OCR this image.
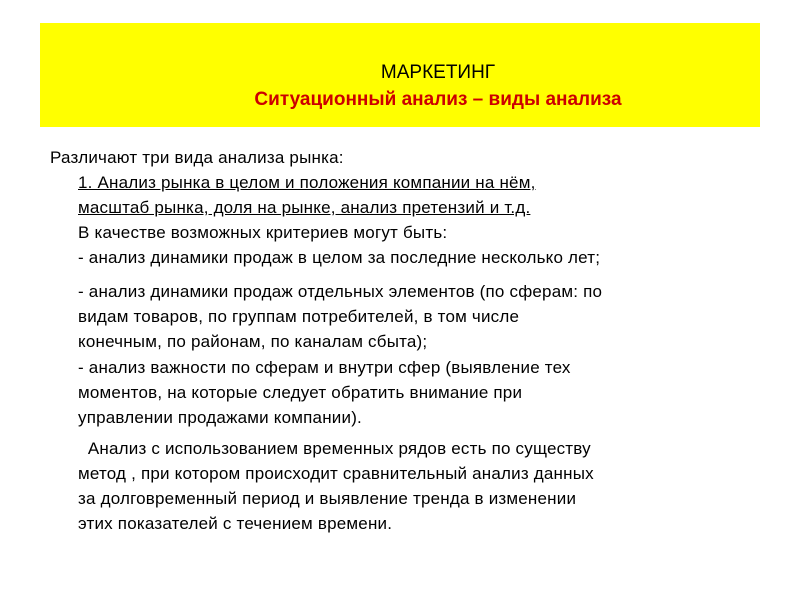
МАРКЕТИНГ
Ситуационный анализ – виды анализа
Различают три вида анализа рынка:
1. Анализ рынка в целом и положения компании на нём,
масштаб рынка, доля на рынке, анализ претензий и т.д.
В качестве возможных критериев могут быть:
- анализ динамики продаж в целом за последние несколько лет;
- анализ динамики продаж отдельных элементов (по сферам: по
видам товаров, по группам потребителей, в том числе
конечным, по районам, по каналам сбыта);
- анализ важности по сферам и внутри сфер (выявление тех
моментов, на которые следует обратить внимание при
управлении продажами компании).
Анализ с использованием временных рядов есть по существу
метод , при котором происходит сравнительный анализ данных
за долговременный период и выявление тренда в изменении
этих показателей с течением времени.
